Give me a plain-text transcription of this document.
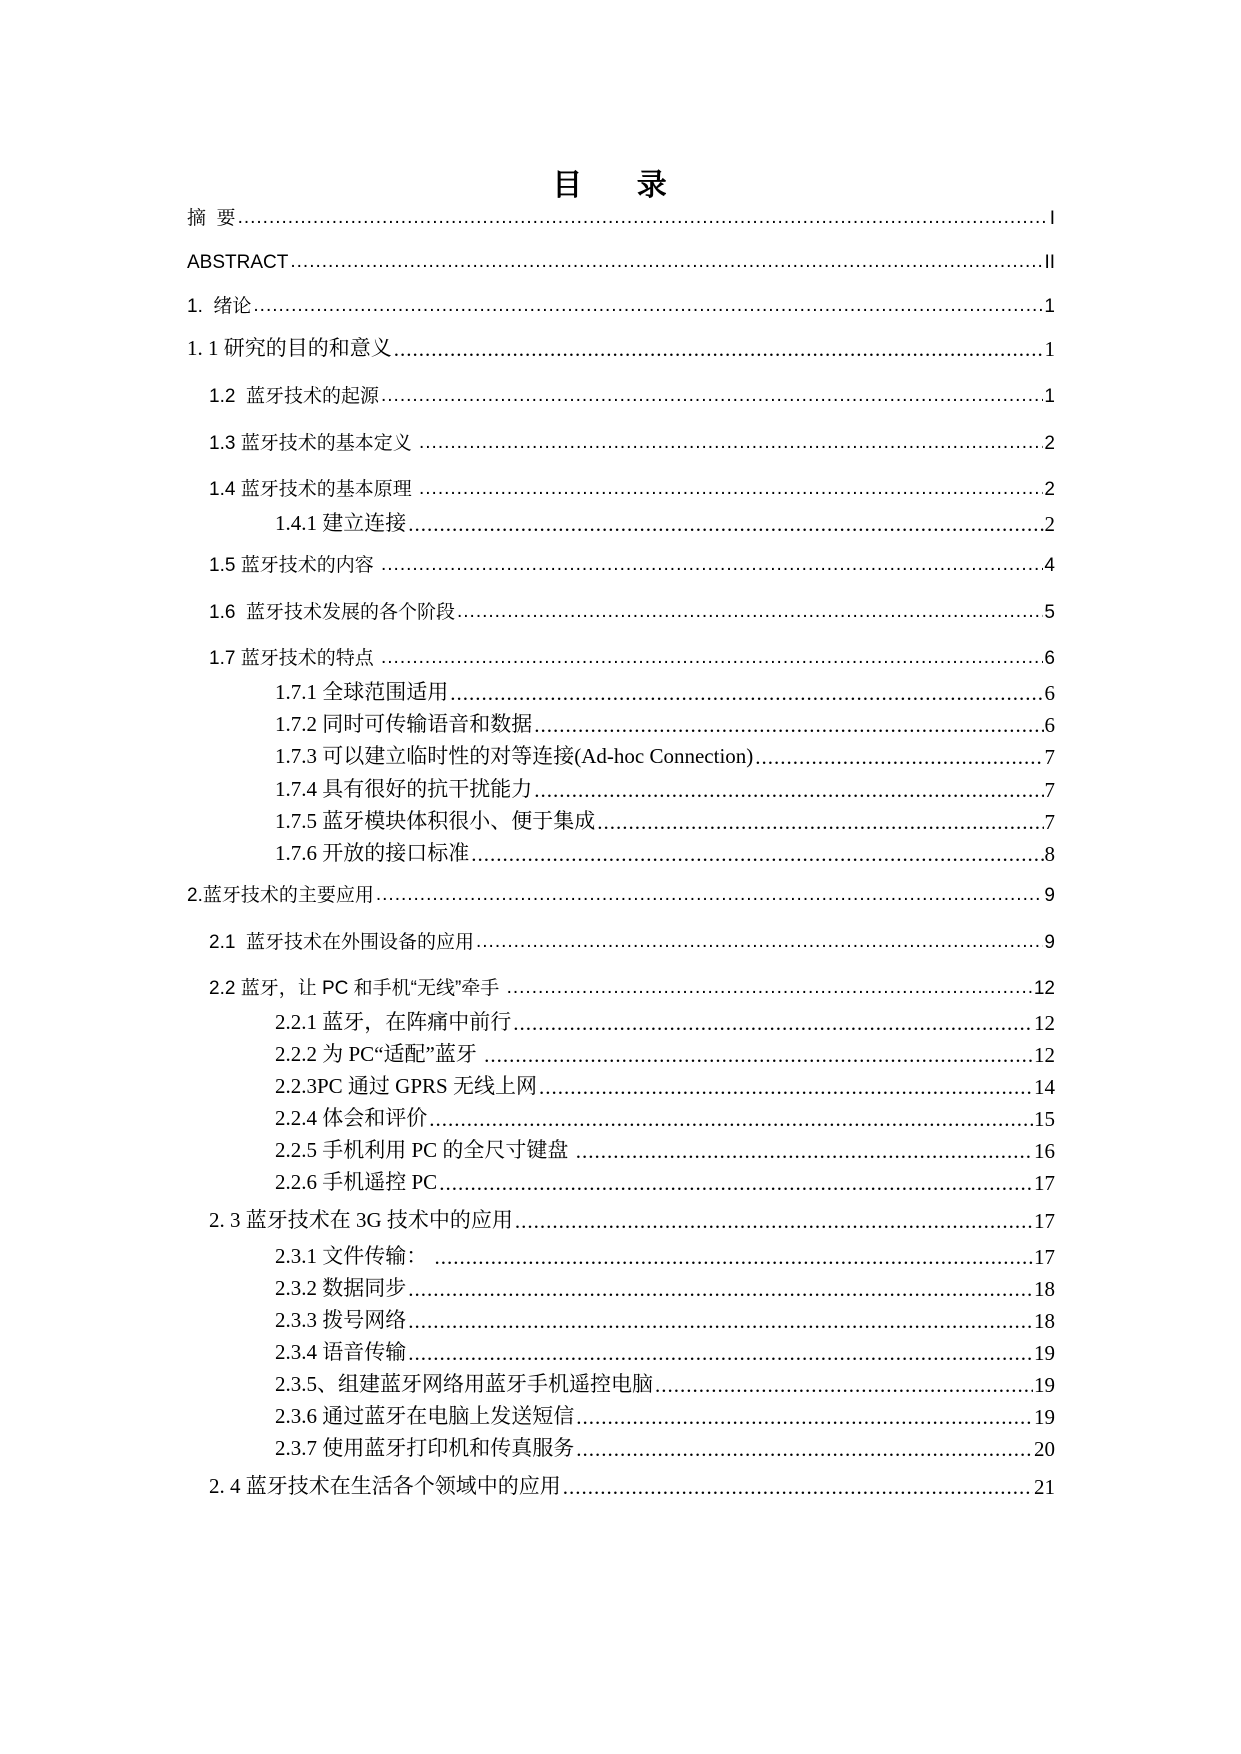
目 录
摘  要 .....	I
ABSTRACT .....	II
1.  绪论 .....	1
1. 1 研究的目的和意义 .....	1
1.2  蓝牙技术的起源 .....	1
1.3 蓝牙技术的基本定义 .....	2
1.4 蓝牙技术的基本原理 .....	2
1.4.1 建立连接 .....	2
1.5 蓝牙技术的内容 .....	4
1.6  蓝牙技术发展的各个阶段 .....	5
1.7 蓝牙技术的特点 .....	6
1.7.1 全球范围适用 .....	6
1.7.2 同时可传输语音和数据 .....	6
1.7.3 可以建立临时性的对等连接(Ad-hoc Connection) .....	7
1.7.4 具有很好的抗干扰能力 .....	7
1.7.5 蓝牙模块体积很小、便于集成 .....	7
1.7.6 开放的接口标准 .....	8
2.蓝牙技术的主要应用 .....	9
2.1  蓝牙技术在外围设备的应用 .....	9
2.2 蓝牙，让 PC 和手机“无线”牵手 .....	12
2.2.1 蓝牙，在阵痛中前行 .....	12
2.2.2 为 PC“适配”蓝牙 .....	12
2.2.3PC 通过 GPRS 无线上网 .....	14
2.2.4 体会和评价 .....	15
2.2.5 手机利用 PC 的全尺寸键盘 .....	16
2.2.6 手机遥控 PC .....	17
2. 3 蓝牙技术在 3G 技术中的应用 .....	17
2.3.1 文件传输： .....	17
2.3.2 数据同步 .....	18
2.3.3 拨号网络 .....	18
2.3.4 语音传输 .....	19
2.3.5、组建蓝牙网络用蓝牙手机遥控电脑 .....	19
2.3.6 通过蓝牙在电脑上发送短信 .....	19
2.3.7 使用蓝牙打印机和传真服务 .....	20
2. 4 蓝牙技术在生活各个领域中的应用 .....	21
